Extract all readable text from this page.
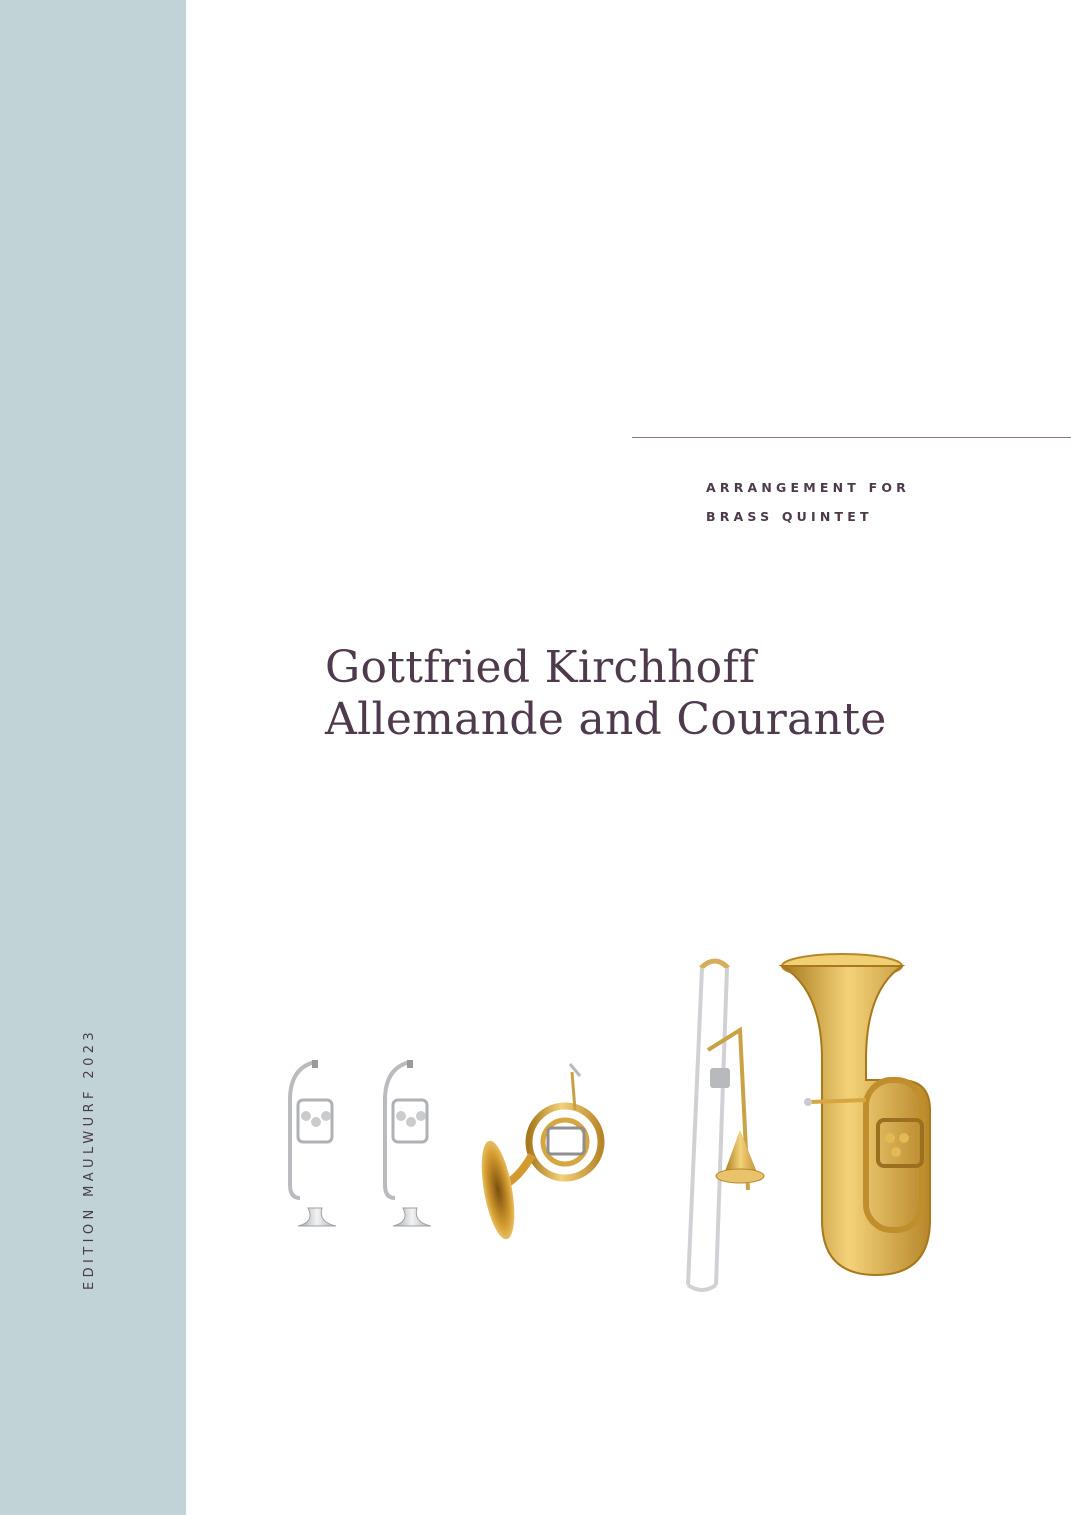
EDITION MAULWURF 2023
ARRANGEMENT FOR
BRASS QUINTET
Gottfried Kirchhoff
Allemande and Courante
